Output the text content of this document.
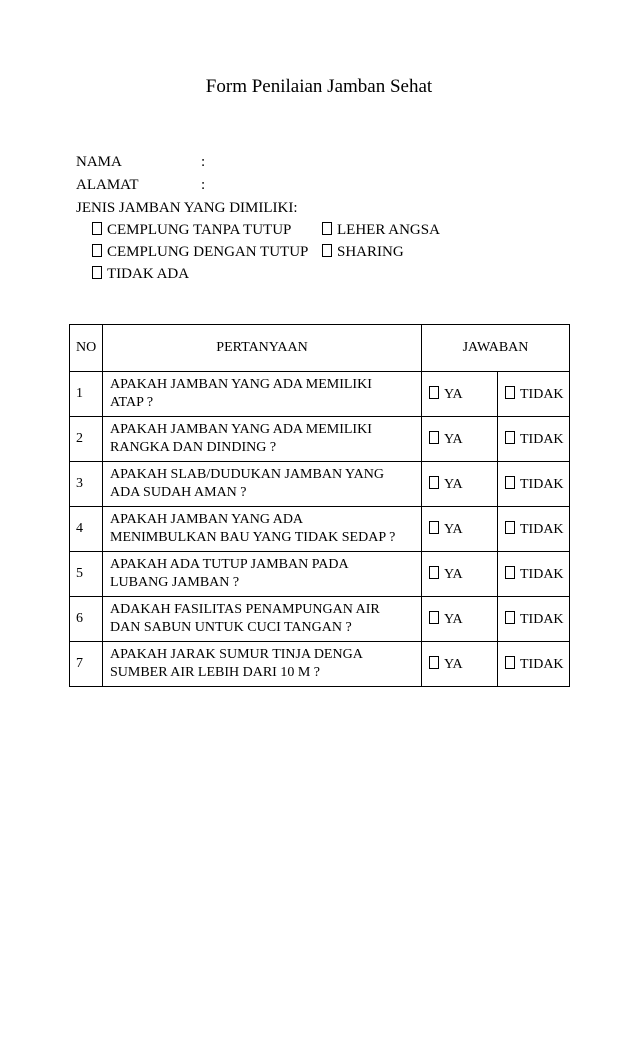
Form Penilaian Jamban Sehat
NAMA	:
ALAMAT	:
JENIS JAMBAN YANG DIMILIKI:
CEMPLUNG TANPA TUTUP	LEHER ANGSA
CEMPLUNG DENGAN TUTUP	SHARING
TIDAK ADA
NO	PERTANYAAN	JAWABAN	
1	APAKAH JAMBAN YANG ADA MEMILIKI
ATAP ?	YA	TIDAK
2	APAKAH JAMBAN YANG ADA MEMILIKI
RANGKA DAN DINDING ?	YA	TIDAK
3	APAKAH SLAB/DUDUKAN JAMBAN YANG
ADA SUDAH AMAN ?	YA	TIDAK
4	APAKAH JAMBAN YANG ADA
MENIMBULKAN BAU YANG TIDAK SEDAP ?	YA	TIDAK
5	APAKAH ADA TUTUP JAMBAN PADA
LUBANG JAMBAN ?	YA	TIDAK
6	ADAKAH FASILITAS PENAMPUNGAN AIR
DAN SABUN UNTUK CUCI TANGAN ?	YA	TIDAK
7	APAKAH JARAK SUMUR TINJA DENGA
SUMBER AIR LEBIH DARI 10 M ?	YA	TIDAK
